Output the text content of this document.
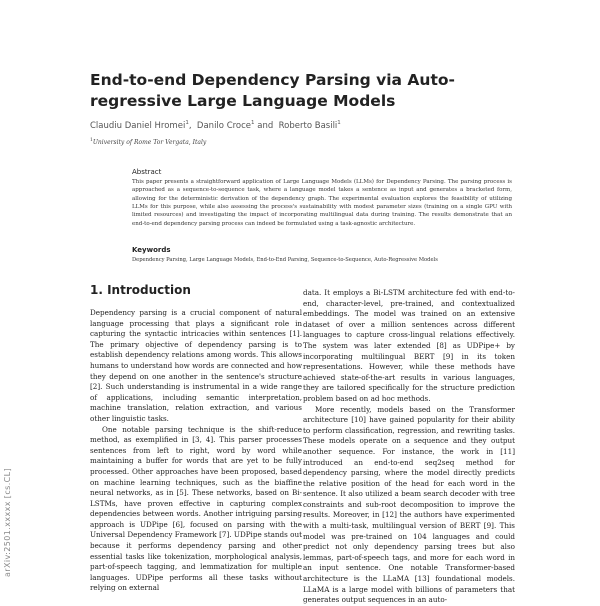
arXiv:2501.xxxxx [cs.CL]
End-to-end Dependency Parsing via Auto-regressive Large Language Models
Claudiu Daniel Hromei$^1$,  Danilo Croce$^1$ and  Roberto Basili$^1$
$^1$University of Rome Tor Vergata, Italy
Abstract

This paper presents a straightforward application of Large Language Models (LLMs) for Dependency Parsing. The parsing process is approached as a sequence-to-sequence task, where a language model takes a sentence as input and generates a bracketed form, allowing for the deterministic derivation of the dependency graph. The experimental evaluation explores the feasibility of utilizing LLMs for this purpose, while also assessing the process's sustainability with modest parameter sizes (training on a single GPU with limited resources) and investigating the impact of incorporating multilingual data during training. The results demonstrate that an end-to-end dependency parsing process can indeed be formulated using a task-agnostic architecture.

Keywords

Dependency Parsing, Large Language Models, End-to-End Parsing, Sequence-to-Sequence, Auto-Regressive Models

1. Introduction

Dependency parsing is a crucial component of natural language processing that plays a significant role in capturing the syntactic intricacies within sentences [1]. The primary objective of dependency parsing is to establish dependency relations among words. This allows humans to understand how words are connected and how they depend on one another in the sentence's structure [2]. Such understanding is instrumental in a wide range of applications, including semantic interpretation, machine translation, relation extraction, and various other linguistic tasks.

One notable parsing technique is the shift-reduce method, as exemplified in [3, 4]. This parser processes sentences from left to right, word by word while maintaining a buffer for words that are yet to be fully processed. Other approaches have been proposed, based on machine learning techniques, such as the biaffine neural networks, as in [5]. These networks, based on Bi-LSTMs, have proven effective in capturing complex dependencies between words. Another intriguing parsing approach is UDPipe [6], focused on parsing with the Universal Dependency Framework [7]. UDPipe stands out because it performs dependency parsing and other essential tasks like tokenization, morphological analysis, part-of-speech tagging, and lemmatization for multiple languages. UDPipe performs all these tasks without relying on external

data. It employs a Bi-LSTM architecture fed with end-to-end, character-level, pre-trained, and contextualized embeddings. The model was trained on an extensive dataset of over a million sentences across different languages to capture cross-lingual relations effectively. The system was later extended [8] as UDPipe+ by incorporating multilingual BERT [9] in its token representations. However, while these methods have achieved state-of-the-art results in various languages, they are tailored specifically for the structure prediction problem based on ad hoc methods.

More recently, models based on the Transformer architecture [10] have gained popularity for their ability to perform classification, regression, and rewriting tasks. These models operate on a sequence and they output another sequence. For instance, the work in [11] introduced an end-to-end seq2seq method for dependency parsing, where the model directly predicts the relative position of the head for each word in the sentence. It also utilized a beam search decoder with tree constraints and sub-root decomposition to improve the results. Moreover, in [12] the authors have experimented with a multi-task, multilingual version of BERT [9]. This model was pre-trained on 104 languages and could predict not only dependency parsing trees but also lemmas, part-of-speech tags, and more for each word in an input sentence. One notable Transformer-based architecture is the LLaMA [13] foundational models. LLaMA is a large model with billions of parameters that generates output sequences in an auto-
